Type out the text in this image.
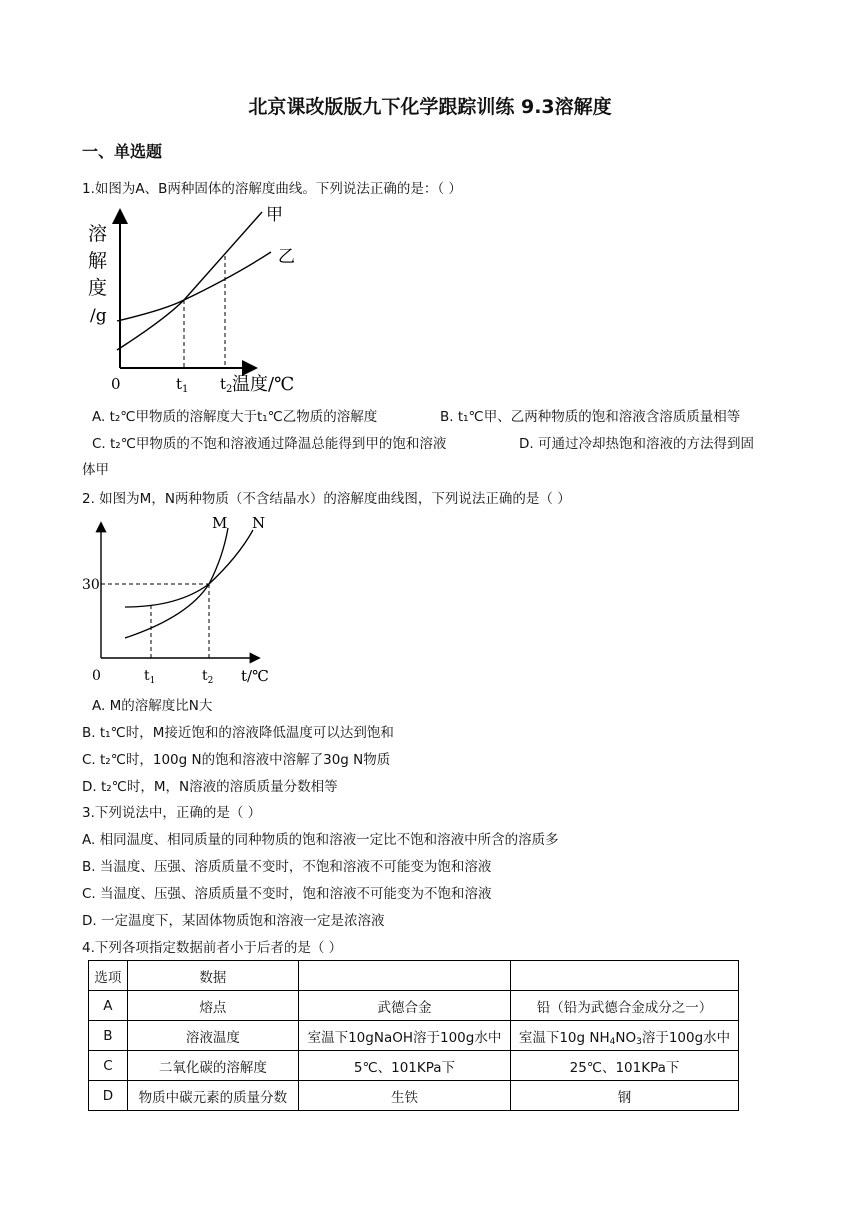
北京课改版版九下化学跟踪训练 9.3溶解度
一、单选题
1.如图为A、B两种固体的溶解度曲线。下列说法正确的是：（ ）
溶
解
度
/g
0	$t_1$ $t_2$ 温度/℃
甲
乙
A. t₂℃甲物质的溶解度大于t₁℃乙物质的溶解度	B. t₁℃甲、乙两种物质的饱和溶液含溶质质量相等
C. t₂℃甲物质的不饱和溶液通过降温总能得到甲的饱和溶液	D. 可通过冷却热饱和溶液的方法得到固
体甲
2. 如图为M，N两种物质（不含结晶水）的溶解度曲线图，下列说法正确的是（ ）
30
0	$t_1$	$t_2$ t/℃
M N
A. M的溶解度比N大
B. t₁℃时，M接近饱和的溶液降低温度可以达到饱和
C. t₂℃时，100g N的饱和溶液中溶解了30g N物质
D. t₂℃时，M，N溶液的溶质质量分数相等
3.下列说法中，正确的是（ ）
A. 相同温度、相同质量的同种物质的饱和溶液一定比不饱和溶液中所含的溶质多
B. 当温度、压强、溶质质量不变时，不饱和溶液不可能变为饱和溶液
C. 当温度、压强、溶质质量不变时，饱和溶液不可能变为不饱和溶液
D. 一定温度下，某固体物质饱和溶液一定是浓溶液
4.下列各项指定数据前者小于后者的是（ ）
选项	数据		
A	熔点	武德合金	铅（铅为武德合金成分之一）
B	溶液温度	室温下10gNaOH溶于100g水中	室温下10g $NH_4NO_3$溶于100g水中
C	二氧化碳的溶解度	5℃、101KPa下	25℃、101KPa下
D	物质中碳元素的质量分数	生铁	钢
